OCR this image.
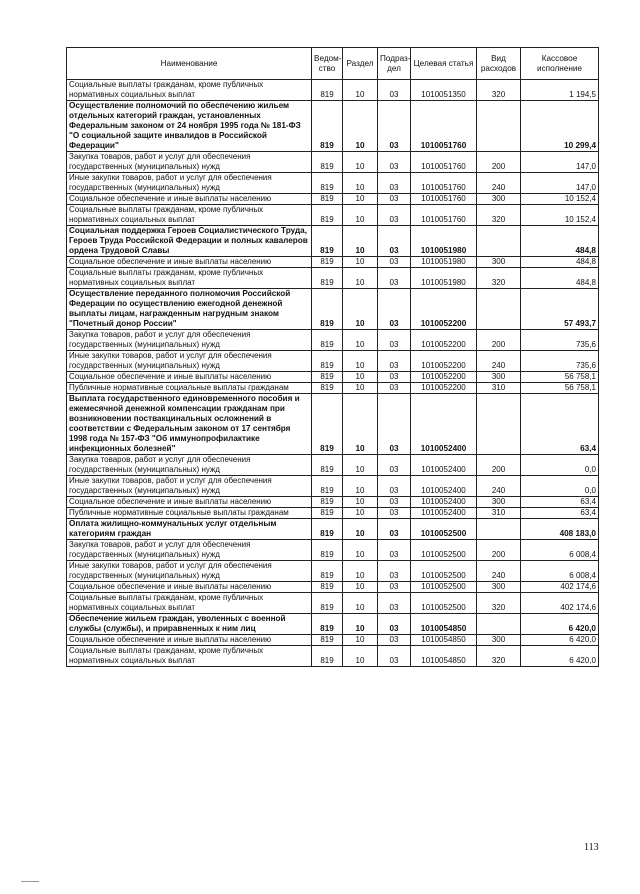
Наименование	Ведом-ство	Раздел	Подраз-дел	Целевая статья	Вид расходов	Кассовое исполнение
Социальные выплаты гражданам, кроме публичных нормативных социальных выплат	819	10	03	1010051350	320	1 194,5
Осуществление полномочий по обеспечению жильем отдельных категорий граждан, установленных Федеральным законом от 24 ноября 1995 года № 181-ФЗ "О социальной защите инвалидов в Российской Федерации"	819	10	03	1010051760		10 299,4
Закупка товаров, работ и услуг для обеспечения государственных (муниципальных) нужд	819	10	03	1010051760	200	147,0
Иные закупки товаров, работ и услуг для обеспечения государственных (муниципальных) нужд	819	10	03	1010051760	240	147,0
Социальное обеспечение и иные выплаты населению	819	10	03	1010051760	300	10 152,4
Социальные выплаты гражданам, кроме публичных нормативных социальных выплат	819	10	03	1010051760	320	10 152,4
Социальная поддержка Героев Социалистического Труда, Героев Труда Российской Федерации и полных кавалеров ордена Трудовой Славы	819	10	03	1010051980		484,8
Социальное обеспечение и иные выплаты населению	819	10	03	1010051980	300	484,8
Социальные выплаты гражданам, кроме публичных нормативных социальных выплат	819	10	03	1010051980	320	484,8
Осуществление переданного полномочия Российской Федерации по осуществлению ежегодной денежной выплаты лицам, награжденным нагрудным знаком "Почетный донор России"	819	10	03	1010052200		57 493,7
Закупка товаров, работ и услуг для обеспечения государственных (муниципальных) нужд	819	10	03	1010052200	200	735,6
Иные закупки товаров, работ и услуг для обеспечения государственных (муниципальных) нужд	819	10	03	1010052200	240	735,6
Социальное обеспечение и иные выплаты населению	819	10	03	1010052200	300	56 758,1
Публичные нормативные социальные выплаты гражданам	819	10	03	1010052200	310	56 758,1
Выплата государственного единовременного пособия и ежемесячной денежной компенсации гражданам при возникновении поствакцинальных осложнений в соответствии с Федеральным законом от 17 сентября 1998 года № 157-ФЗ "Об иммунопрофилактике инфекционных болезней"	819	10	03	1010052400		63,4
Закупка товаров, работ и услуг для обеспечения государственных (муниципальных) нужд	819	10	03	1010052400	200	0,0
Иные закупки товаров, работ и услуг для обеспечения государственных (муниципальных) нужд	819	10	03	1010052400	240	0,0
Социальное обеспечение и иные выплаты населению	819	10	03	1010052400	300	63,4
Публичные нормативные социальные выплаты гражданам	819	10	03	1010052400	310	63,4
Оплата жилищно-коммунальных услуг отдельным категориям граждан	819	10	03	1010052500		408 183,0
Закупка товаров, работ и услуг для обеспечения государственных (муниципальных) нужд	819	10	03	1010052500	200	6 008,4
Иные закупки товаров, работ и услуг для обеспечения государственных (муниципальных) нужд	819	10	03	1010052500	240	6 008,4
Социальное обеспечение и иные выплаты населению	819	10	03	1010052500	300	402 174,6
Социальные выплаты гражданам, кроме публичных нормативных социальных выплат	819	10	03	1010052500	320	402 174,6
Обеспечение жильем граждан, уволенных с военной службы (службы), и приравненных к ним лиц	819	10	03	1010054850		6 420,0
Социальное обеспечение и иные выплаты населению	819	10	03	1010054850	300	6 420,0
Социальные выплаты гражданам, кроме публичных нормативных социальных выплат	819	10	03	1010054850	320	6 420,0
113
